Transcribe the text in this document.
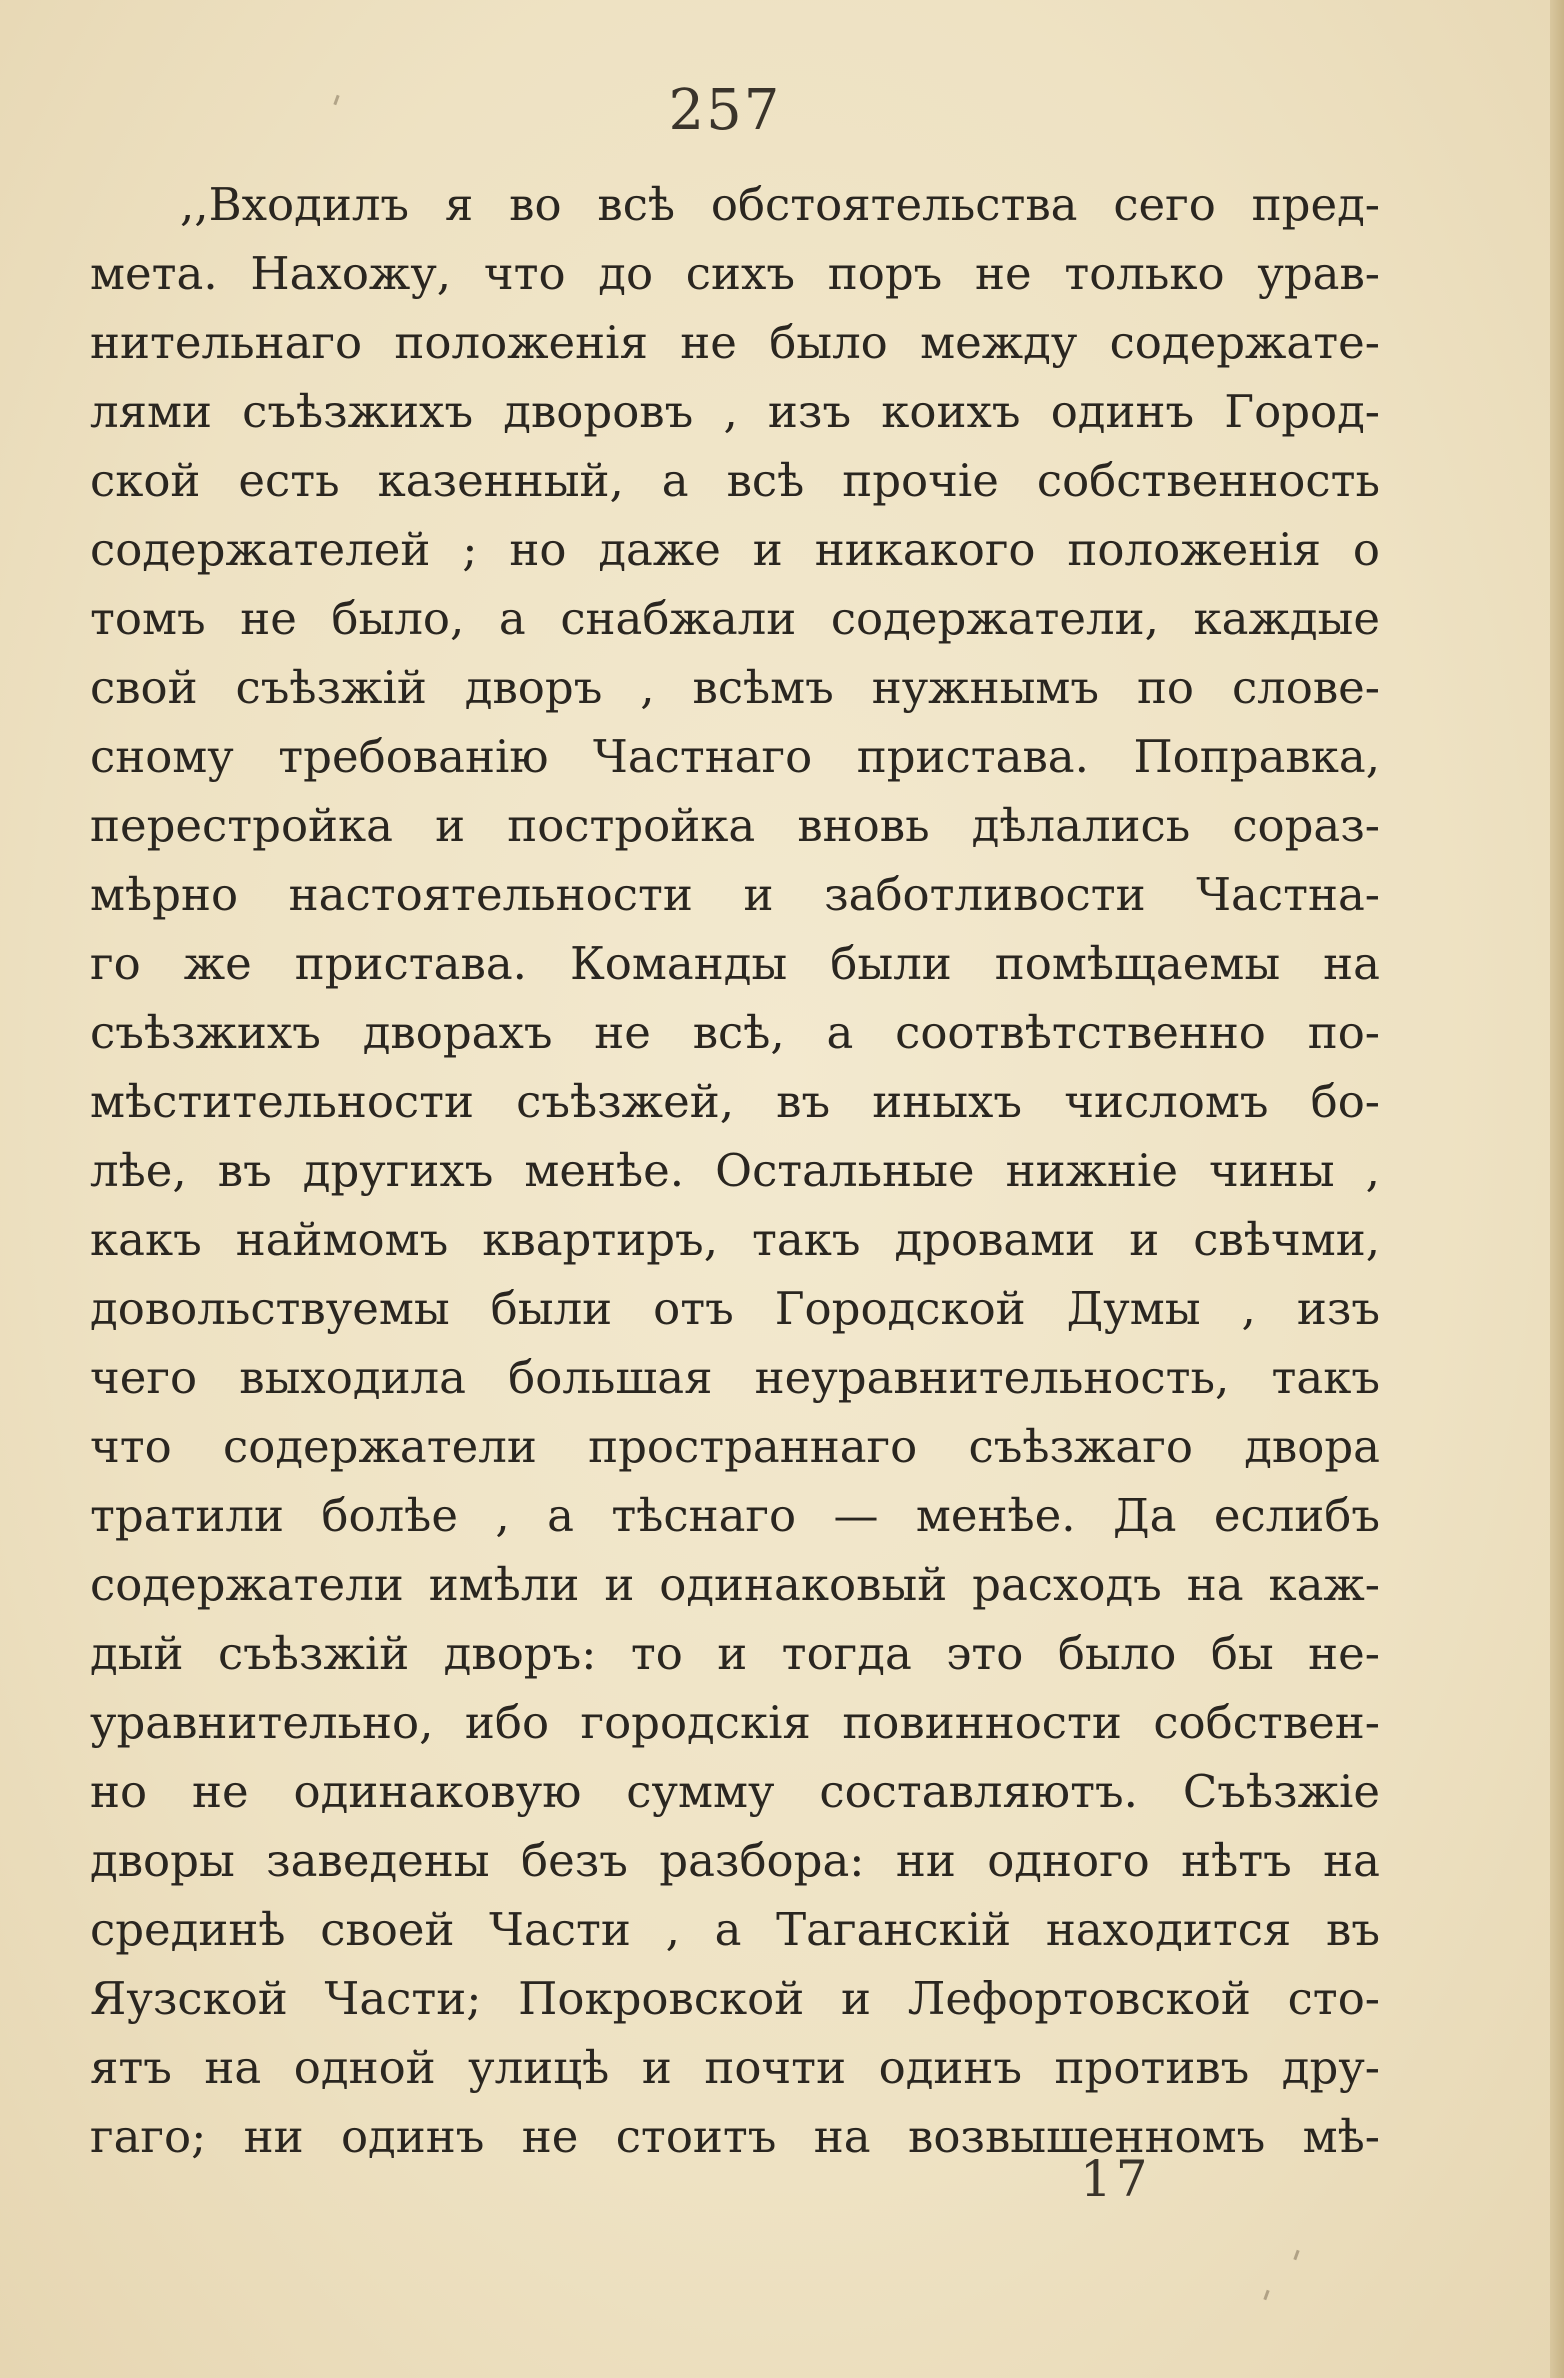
257
,,Входилъ я во всѣ обстоятельства сего пред-
мета. Нахожу, что до сихъ поръ не только урав-
нительнаго положенія не было между содержате-
лями съѣзжихъ дворовъ , изъ коихъ одинъ Город-
ской есть казенный, а всѣ прочіе собственность
содержателей ; но даже и никакого положенія о
томъ не было, а снабжали содержатели, каждые
свой съѣзжій дворъ , всѣмъ нужнымъ по слове-
сному требованію Частнаго пристава. Поправка,
перестройка и постройка вновь дѣлались сораз-
мѣрно настоятельности и заботливости Частна-
го же пристава. Команды были помѣщаемы на
съѣзжихъ дворахъ не всѣ, а соотвѣтственно по-
мѣстительности съѣзжей, въ иныхъ числомъ бо-
лѣе, въ другихъ менѣе. Остальные нижніе чины ,
какъ наймомъ квартиръ, такъ дровами и свѣчми,
довольствуемы были отъ Городской Думы , изъ
чего выходила большая неуравнительность, такъ
что содержатели пространнаго съѣзжаго двора
тратили болѣе , а тѣснаго — менѣе. Да еслибъ
содержатели имѣли и одинаковый расходъ на каж-
дый съѣзжій дворъ: то и тогда это было бы не-
уравнительно, ибо городскія повинности собствен-
но не одинаковую сумму составляютъ. Съѣзжіе
дворы заведены безъ разбора: ни одного нѣтъ на
срединѣ своей Части , а Таганскій находится въ
Яузской Части; Покровской и Лефортовской сто-
ятъ на одной улицѣ и почти одинъ противъ дру-
гаго; ни одинъ не стоитъ на возвышенномъ мѣ-
17
